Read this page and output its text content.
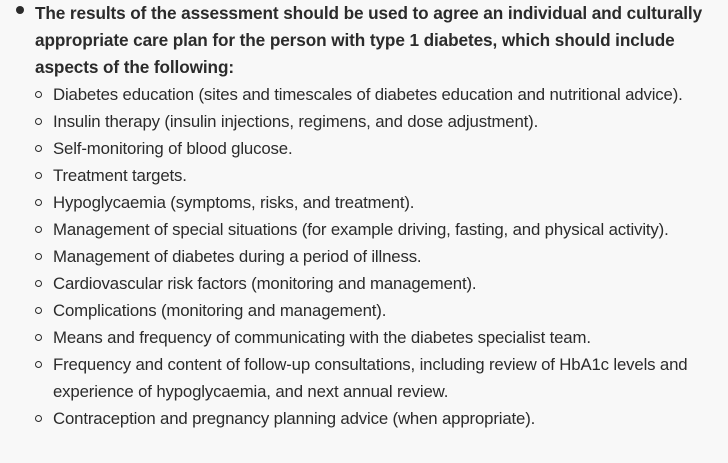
The results of the assessment should be used to agree an individual and culturally appropriate care plan for the person with type 1 diabetes, which should include aspects of the following:

Diabetes education (sites and timescales of diabetes education and nutritional advice).
Insulin therapy (insulin injections, regimens, and dose adjustment).
Self-monitoring of blood glucose.
Treatment targets.
Hypoglycaemia (symptoms, risks, and treatment).
Management of special situations (for example driving, fasting, and physical activity).
Management of diabetes during a period of illness.
Cardiovascular risk factors (monitoring and management).
Complications (monitoring and management).
Means and frequency of communicating with the diabetes specialist team.
Frequency and content of follow-up consultations, including review of HbA1c levels and experience of hypoglycaemia, and next annual review.
Contraception and pregnancy planning advice (when appropriate).
